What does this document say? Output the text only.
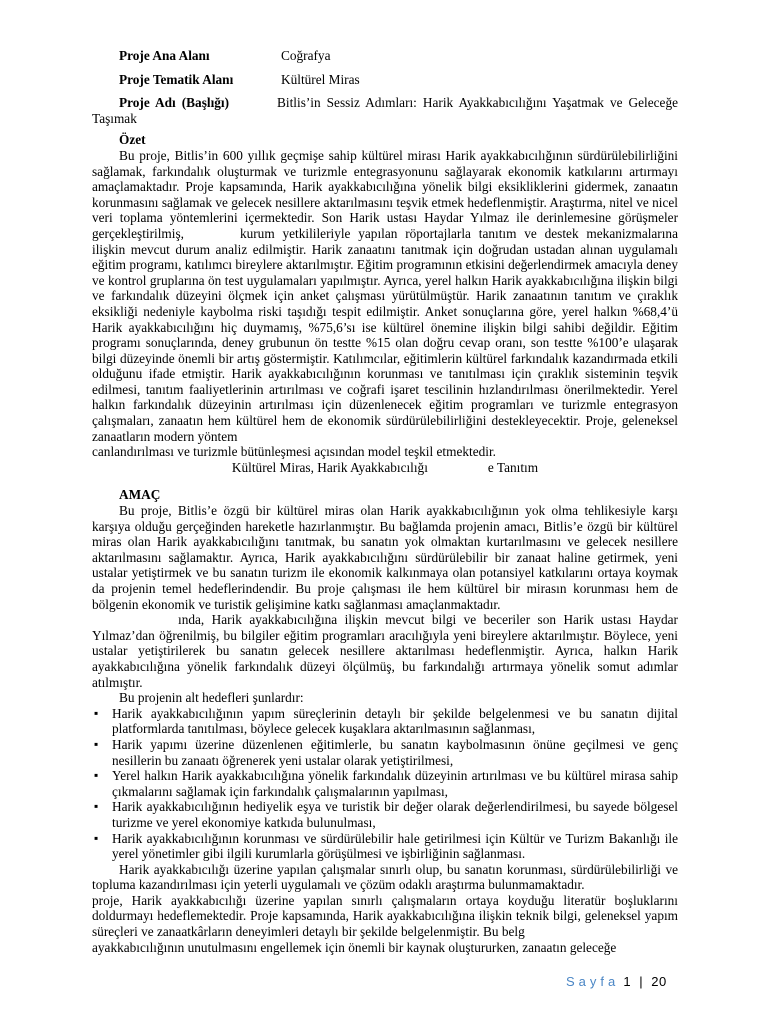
Proje Ana Alanı	Coğrafya
Proje Tematik Alanı	Kültürel Miras

Proje Adı (Başlığı)	Bitlis’in Sessiz Adımları: Harik Ayakkabıcılığını Yaşatmak ve Geleceğe Taşımak

Özet

Bu proje, Bitlis’in 600 yıllık geçmişe sahip kültürel mirası Harik ayakkabıcılığının sürdürülebilirliğini sağlamak, farkındalık oluşturmak ve turizmle entegrasyonunu sağlayarak ekonomik katkılarını artırmayı amaçlamaktadır. Proje kapsamında, Harik ayakkabıcılığına yönelik bilgi eksikliklerini gidermek, zanaatın korunmasını sağlamak ve gelecek nesillere aktarılmasını teşvik etmek hedeflenmiştir. Araştırma, nitel ve nicel veri toplama yöntemlerini içermektedir. Son Harik ustası Haydar Yılmaz ile derinlemesine görüşmeler gerçekleştirilmiş,	kurum yetkilileriyle yapılan röportajlarla tanıtım ve destek mekanizmalarına ilişkin mevcut durum analiz edilmiştir. Harik zanaatını tanıtmak için doğrudan ustadan alınan uygulamalı eğitim programı, katılımcı bireylere aktarılmıştır. Eğitim programının etkisini değerlendirmek amacıyla deney ve kontrol gruplarına ön test uygulamaları yapılmıştır. Ayrıca, yerel halkın Harik ayakkabıcılığına ilişkin bilgi ve farkındalık düzeyini ölçmek için anket çalışması yürütülmüştür. Harik zanaatının tanıtım ve çıraklık eksikliği nedeniyle kaybolma riski taşıdığı tespit edilmiştir. Anket sonuçlarına göre, yerel halkın %68,4’ü Harik ayakkabıcılığını hiç duymamış, %75,6’sı ise kültürel önemine ilişkin bilgi sahibi değildir. Eğitim programı sonuçlarında, deney grubunun ön testte %15 olan doğru cevap oranı, son testte %100’e ulaşarak bilgi düzeyinde önemli bir artış göstermiştir. Katılımcılar, eğitimlerin kültürel farkındalık kazandırmada etkili olduğunu ifade etmiştir. Harik ayakkabıcılığının korunması ve tanıtılması için çıraklık sisteminin teşvik edilmesi, tanıtım faaliyetlerinin artırılması ve coğrafi işaret tescilinin hızlandırılması önerilmektedir. Yerel halkın farkındalık düzeyinin artırılması için düzenlenecek eğitim programları ve turizmle entegrasyon çalışmaları, zanaatın hem kültürel hem de ekonomik sürdürülebilirliğini destekleyecektir. Proje, geleneksel zanaatların modern yöntem

canlandırılması ve turizmle bütünleşmesi açısından model teşkil etmektedir.

Kültürel Miras, Harik Ayakkabıcılığı	e Tanıtım

AMAÇ

Bu proje, Bitlis’e özgü bir kültürel miras olan Harik ayakkabıcılığının yok olma tehlikesiyle karşı karşıya olduğu gerçeğinden hareketle hazırlanmıştır. Bu bağlamda projenin amacı, Bitlis’e özgü bir kültürel miras olan Harik ayakkabıcılığını tanıtmak, bu sanatın yok olmaktan kurtarılmasını ve gelecek nesillere aktarılmasını sağlamaktır. Ayrıca, Harik ayakkabıcılığını sürdürülebilir bir zanaat haline getirmek, yeni ustalar yetiştirmek ve bu sanatın turizm ile ekonomik kalkınmaya olan potansiyel katkılarını ortaya koymak da projenin temel hedeflerindendir. Bu proje çalışması ile hem kültürel bir mirasın korunması hem de bölgenin ekonomik ve turistik gelişimine katkı sağlanması amaçlanmaktadır.

ında, Harik ayakkabıcılığına ilişkin mevcut bilgi ve beceriler son Harik ustası Haydar Yılmaz’dan öğrenilmiş, bu bilgiler eğitim programları aracılığıyla yeni bireylere aktarılmıştır. Böylece, yeni ustalar yetiştirilerek bu sanatın gelecek nesillere aktarılması hedeflenmiştir. Ayrıca, halkın Harik ayakkabıcılığına yönelik farkındalık düzeyi ölçülmüş, bu farkındalığı artırmaya yönelik somut adımlar atılmıştır.

Bu projenin alt hedefleri şunlardır:

▪ Harik ayakkabıcılığının yapım süreçlerinin detaylı bir şekilde belgelenmesi ve bu sanatın dijital platformlarda tanıtılması, böylece gelecek kuşaklara aktarılmasının sağlanması,
▪ Harik yapımı üzerine düzenlenen eğitimlerle, bu sanatın kaybolmasının önüne geçilmesi ve genç nesillerin bu zanaatı öğrenerek yeni ustalar olarak yetiştirilmesi,
▪ Yerel halkın Harik ayakkabıcılığına yönelik farkındalık düzeyinin artırılması ve bu kültürel mirasa sahip çıkmalarını sağlamak için farkındalık çalışmalarının yapılması,
▪ Harik ayakkabıcılığının hediyelik eşya ve turistik bir değer olarak değerlendirilmesi, bu sayede bölgesel turizme ve yerel ekonomiye katkıda bulunulması,
▪ Harik ayakkabıcılığının korunması ve sürdürülebilir hale getirilmesi için Kültür ve Turizm Bakanlığı ile yerel yönetimler gibi ilgili kurumlarla görüşülmesi ve işbirliğinin sağlanması.

Harik ayakkabıcılığı üzerine yapılan çalışmalar sınırlı olup, bu sanatın korunması, sürdürülebilirliği ve topluma kazandırılması için yeterli uygulamalı ve çözüm odaklı araştırma bulunmamaktadır.

proje, Harik ayakkabıcılığı üzerine yapılan sınırlı çalışmaların ortaya koyduğu literatür boşluklarını doldurmayı hedeflemektedir. Proje kapsamında, Harik ayakkabıcılığına ilişkin teknik bilgi, geleneksel yapım süreçleri ve zanaatkârların deneyimleri detaylı bir şekilde belgelenmiştir. Bu belg

ayakkabıcılığının unutulmasını engellemek için önemli bir kaynak oluştururken, zanaatın geleceğe

Sayfa 1 | 20
